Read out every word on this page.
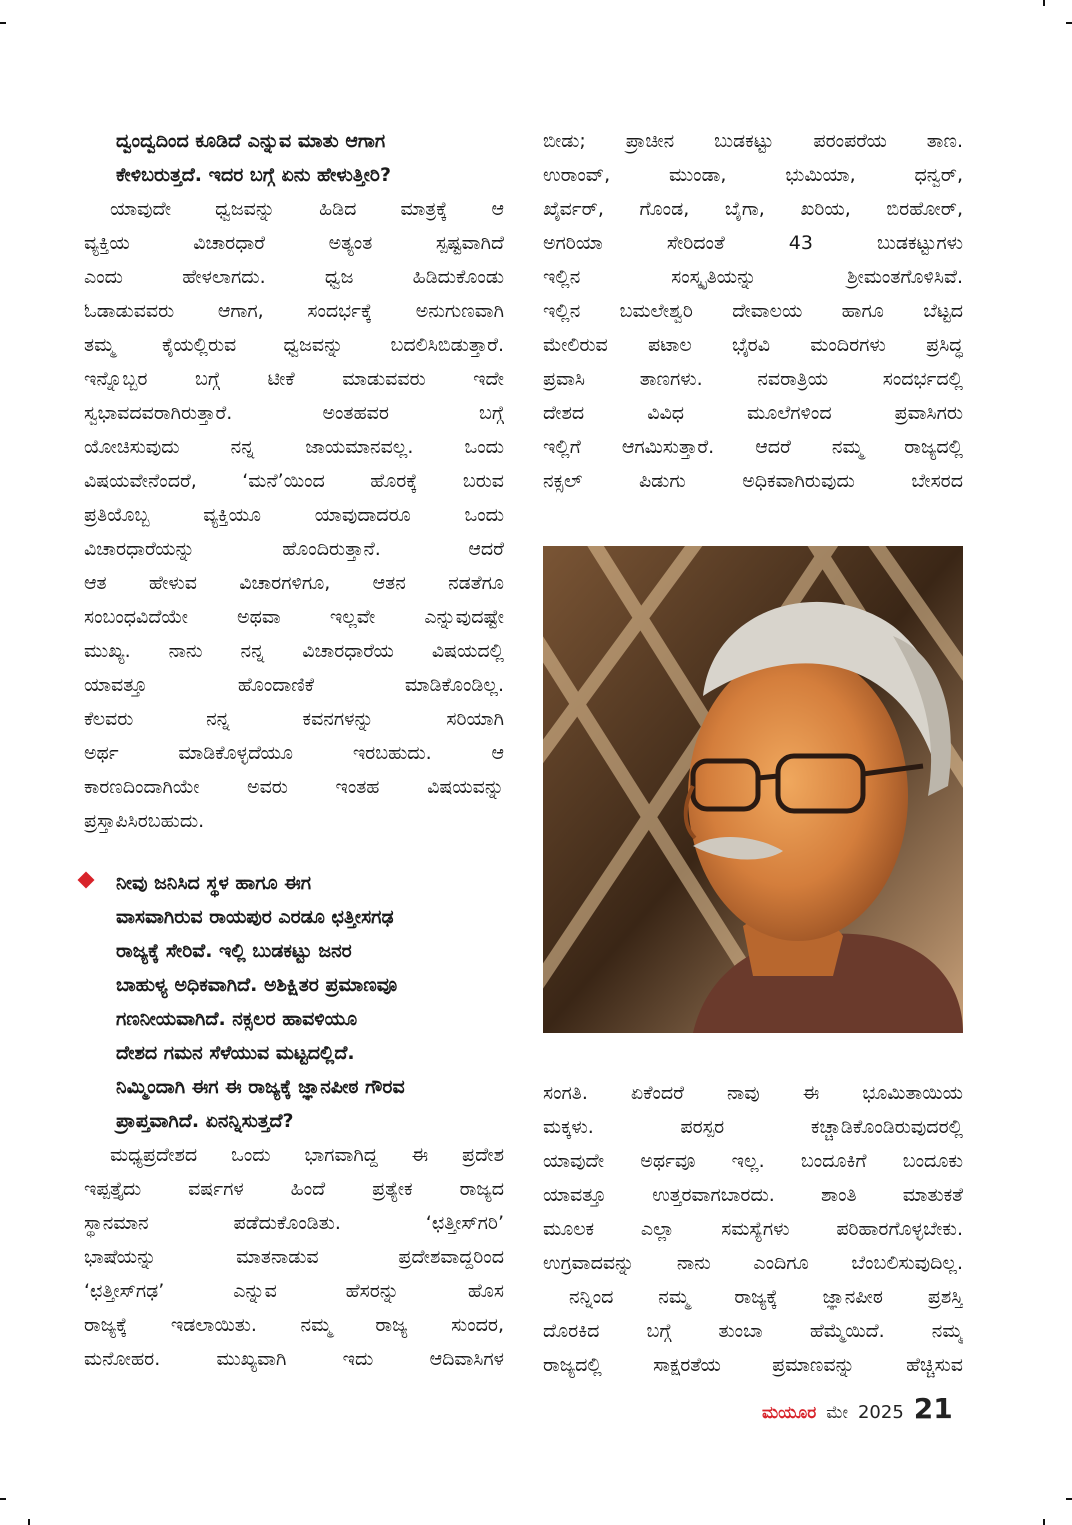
ದ್ವಂದ್ವದಿಂದ ಕೂಡಿದೆ ಎನ್ನುವ ಮಾತು ಆಗಾಗ
ಕೇಳಿಬರುತ್ತದೆ. ಇದರ ಬಗ್ಗೆ ಏನು ಹೇಳುತ್ತೀರಿ?
ಯಾವುದೇ ಧ್ವಜವನ್ನು ಹಿಡಿದ ಮಾತ್ರಕ್ಕೆ ಆ
ವ್ಯಕ್ತಿಯ ವಿಚಾರಧಾರೆ ಅತ್ಯಂತ ಸ್ಪಷ್ಟವಾಗಿದೆ
ಎಂದು ಹೇಳಲಾಗದು. ಧ್ವಜ ಹಿಡಿದುಕೊಂಡು
ಓಡಾಡುವವರು ಆಗಾಗ, ಸಂದರ್ಭಕ್ಕೆ ಅನುಗುಣವಾಗಿ
ತಮ್ಮ ಕೈಯಲ್ಲಿರುವ ಧ್ವಜವನ್ನು ಬದಲಿಸಿಬಿಡುತ್ತಾರೆ.
ಇನ್ನೊಬ್ಬರ ಬಗ್ಗೆ ಟೀಕೆ ಮಾಡುವವರು ಇದೇ
ಸ್ವಭಾವದವರಾಗಿರುತ್ತಾರೆ. ಅಂತಹವರ ಬಗ್ಗೆ
ಯೋಚಿಸುವುದು ನನ್ನ ಜಾಯಮಾನವಲ್ಲ. ಒಂದು
ವಿಷಯವೇನೆಂದರೆ, ‘ಮನೆ’ಯಿಂದ ಹೊರಕ್ಕೆ ಬರುವ
ಪ್ರತಿಯೊಬ್ಬ ವ್ಯಕ್ತಿಯೂ ಯಾವುದಾದರೂ ಒಂದು
ವಿಚಾರಧಾರೆಯನ್ನು ಹೊಂದಿರುತ್ತಾನೆ. ಆದರೆ
ಆತ ಹೇಳುವ ವಿಚಾರಗಳಿಗೂ, ಆತನ ನಡತೆಗೂ
ಸಂಬಂಧವಿದೆಯೇ ಅಥವಾ ಇಲ್ಲವೇ ಎನ್ನುವುದಷ್ಟೇ
ಮುಖ್ಯ. ನಾನು ನನ್ನ ವಿಚಾರಧಾರೆಯ ವಿಷಯದಲ್ಲಿ
ಯಾವತ್ತೂ ಹೊಂದಾಣಿಕೆ ಮಾಡಿಕೊಂಡಿಲ್ಲ.
ಕೆಲವರು ನನ್ನ ಕವನಗಳನ್ನು ಸರಿಯಾಗಿ
ಅರ್ಥ ಮಾಡಿಕೊಳ್ಳದೆಯೂ ಇರಬಹುದು. ಆ
ಕಾರಣದಿಂದಾಗಿಯೇ ಅವರು ಇಂತಹ ವಿಷಯವನ್ನು
ಪ್ರಸ್ತಾಪಿಸಿರಬಹುದು.
ನೀವು ಜನಿಸಿದ ಸ್ಥಳ ಹಾಗೂ ಈಗ
ವಾಸವಾಗಿರುವ ರಾಯಪುರ ಎರಡೂ ಛತ್ತೀಸಗಢ
ರಾಜ್ಯಕ್ಕೆ ಸೇರಿವೆ. ಇಲ್ಲಿ ಬುಡಕಟ್ಟು ಜನರ
ಬಾಹುಳ್ಯ ಅಧಿಕವಾಗಿದೆ. ಅಶಿಕ್ಷಿತರ ಪ್ರಮಾಣವೂ
ಗಣನೀಯವಾಗಿದೆ. ನಕ್ಸಲರ ಹಾವಳಿಯೂ
ದೇಶದ ಗಮನ ಸೆಳೆಯುವ ಮಟ್ಟದಲ್ಲಿದೆ.
ನಿಮ್ಮಿಂದಾಗಿ ಈಗ ಈ ರಾಜ್ಯಕ್ಕೆ ಜ್ಞಾನಪೀಠ ಗೌರವ
ಪ್ರಾಪ್ತವಾಗಿದೆ. ಏನನ್ನಿಸುತ್ತದೆ?
ಮಧ್ಯಪ್ರದೇಶದ ಒಂದು ಭಾಗವಾಗಿದ್ದ ಈ ಪ್ರದೇಶ
ಇಪ್ಪತ್ತೈದು ವರ್ಷಗಳ ಹಿಂದೆ ಪ್ರತ್ಯೇಕ ರಾಜ್ಯದ
ಸ್ಥಾನಮಾನ ಪಡೆದುಕೊಂಡಿತು. ‘ಛತ್ತೀಸ್‌ಗರಿ’
ಭಾಷೆಯನ್ನು ಮಾತನಾಡುವ ಪ್ರದೇಶವಾದ್ದರಿಂದ
‘ಛತ್ತೀಸ್‌ಗಢ’ ಎನ್ನುವ ಹೆಸರನ್ನು ಹೊಸ
ರಾಜ್ಯಕ್ಕೆ ಇಡಲಾಯಿತು. ನಮ್ಮ ರಾಜ್ಯ ಸುಂದರ,
ಮನೋಹರ. ಮುಖ್ಯವಾಗಿ ಇದು ಆದಿವಾಸಿಗಳ
ಬೀಡು; ಪ್ರಾಚೀನ ಬುಡಕಟ್ಟು ಪರಂಪರೆಯ ತಾಣ.
ಉರಾಂವ್, ಮುಂಡಾ, ಭುಮಿಯಾ, ಧನ್ವರ್,
ಖೈರ್ವರ್, ಗೊಂಡ, ಬೈಗಾ, ಖರಿಯ, ಬಿರಹೋರ್,
ಅಗರಿಯಾ ಸೇರಿದಂತೆ 43 ಬುಡಕಟ್ಟುಗಳು
ಇಲ್ಲಿನ ಸಂಸ್ಕೃತಿಯನ್ನು ಶ್ರೀಮಂತಗೊಳಿಸಿವೆ.
ಇಲ್ಲಿನ ಬಮಲೇಶ್ವರಿ ದೇವಾಲಯ ಹಾಗೂ ಬೆಟ್ಟದ
ಮೇಲಿರುವ ಪಟಾಲ ಭೈರವಿ ಮಂದಿರಗಳು ಪ್ರಸಿದ್ಧ
ಪ್ರವಾಸಿ ತಾಣಗಳು. ನವರಾತ್ರಿಯ ಸಂದರ್ಭದಲ್ಲಿ
ದೇಶದ ವಿವಿಧ ಮೂಲೆಗಳಿಂದ ಪ್ರವಾಸಿಗರು
ಇಲ್ಲಿಗೆ ಆಗಮಿಸುತ್ತಾರೆ. ಆದರೆ ನಮ್ಮ ರಾಜ್ಯದಲ್ಲಿ
ನಕ್ಸಲ್ ಪಿಡುಗು ಅಧಿಕವಾಗಿರುವುದು ಬೇಸರದ
ಸಂಗತಿ. ಏಕೆಂದರೆ ನಾವು ಈ ಭೂಮಿತಾಯಿಯ
ಮಕ್ಕಳು. ಪರಸ್ಪರ ಕಚ್ಚಾಡಿಕೊಂಡಿರುವುದರಲ್ಲಿ
ಯಾವುದೇ ಅರ್ಥವೂ ಇಲ್ಲ. ಬಂದೂಕಿಗೆ ಬಂದೂಕು
ಯಾವತ್ತೂ ಉತ್ತರವಾಗಬಾರದು. ಶಾಂತಿ ಮಾತುಕತೆ
ಮೂಲಕ ಎಲ್ಲಾ ಸಮಸ್ಯೆಗಳು ಪರಿಹಾರಗೊಳ್ಳಬೇಕು.
ಉಗ್ರವಾದವನ್ನು ನಾನು ಎಂದಿಗೂ ಬೆಂಬಲಿಸುವುದಿಲ್ಲ.
ನನ್ನಿಂದ ನಮ್ಮ ರಾಜ್ಯಕ್ಕೆ ಜ್ಞಾನಪೀಠ ಪ್ರಶಸ್ತಿ
ದೊರಕಿದ ಬಗ್ಗೆ ತುಂಬಾ ಹೆಮ್ಮೆಯಿದೆ. ನಮ್ಮ
ರಾಜ್ಯದಲ್ಲಿ ಸಾಕ್ಷರತೆಯ ಪ್ರಮಾಣವನ್ನು ಹೆಚ್ಚಿಸುವ
ಮಯೂರ ಮೇ 2025 21
